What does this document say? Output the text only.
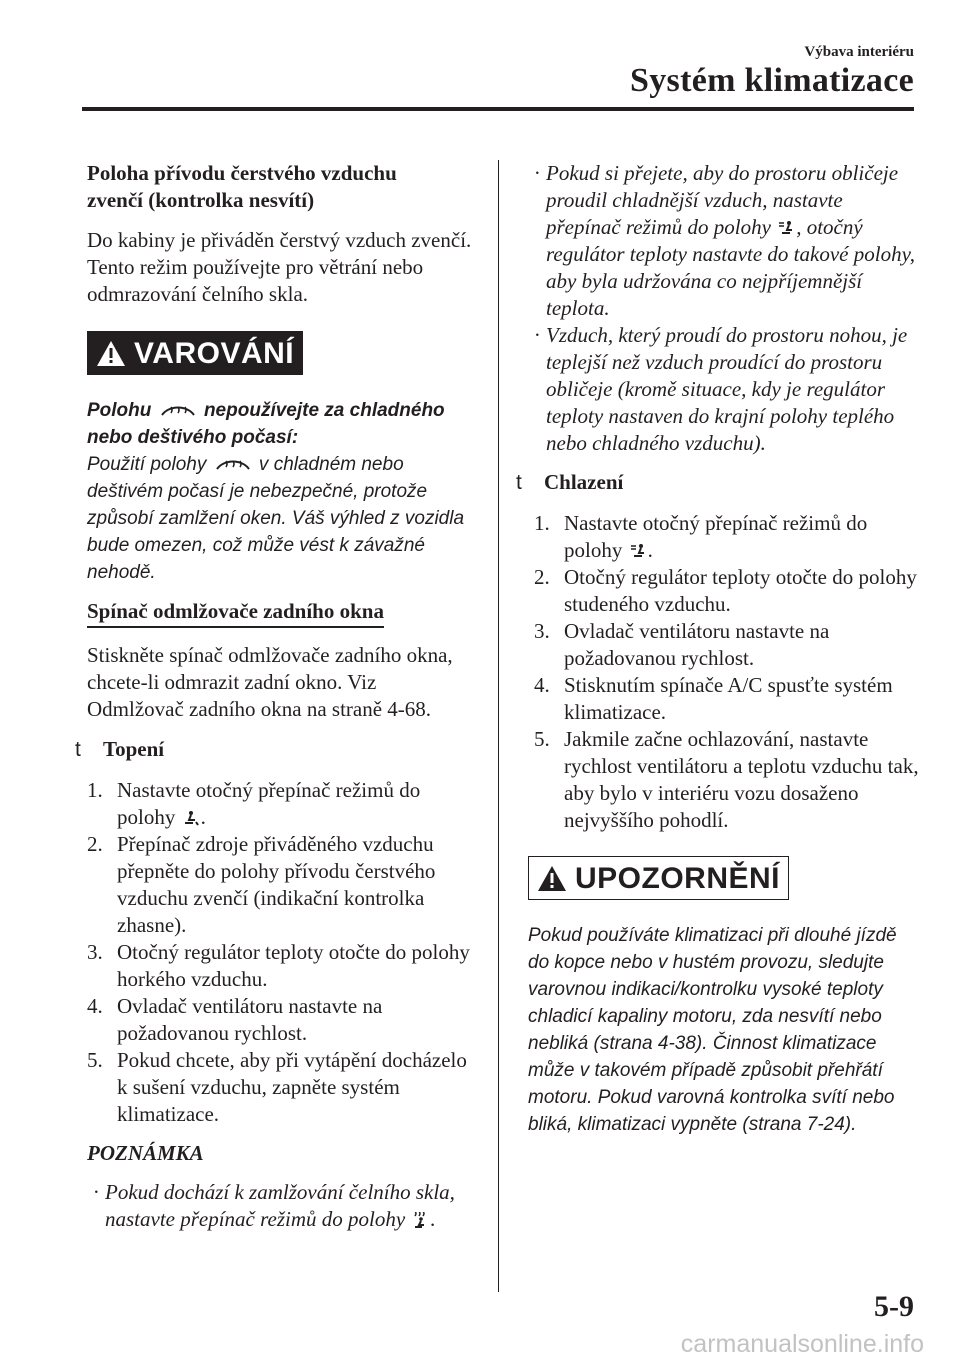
Výbava interiéru
Systém klimatizace

Poloha přívodu čerstvého vzduchu
zvenčí (kontrolka nesvítí)

Do kabiny je přiváděn čerstvý vzduch zvenčí. Tento režim používejte pro větrání nebo odmrazování čelního skla.

VAROVÁNÍ

Polohu	nepoužívejte za chladného nebo deštivého počasí:

Použití polohy	v chladném nebo deštivém počasí je nebezpečné, protože způsobí zamlžení oken. Váš výhled z vozidla bude omezen, což může vést k závažné nehodě.

Spínač odmlžovače zadního okna

Stiskněte spínač odmlžovače zadního okna, chcete-li odmrazit zadní okno. Viz Odmlžovač zadního okna na straně 4-68.

t	Topení
1. Nastavte otočný přepínač režimů do polohy .
2. Přepínač zdroje přiváděného vzduchu přepněte do polohy přívodu čerstvého vzduchu zvenčí (indikační kontrolka zhasne).
3. Otočný regulátor teploty otočte do polohy horkého vzduchu.
4. Ovladač ventilátoru nastavte na požadovanou rychlost.
5. Pokud chcete, aby při vytápění docházelo k sušení vzduchu, zapněte systém klimatizace.

POZNÁMKA

· Pokud dochází k zamlžování čelního skla, nastavte přepínač režimů do polohy .
· Pokud si přejete, aby do prostoru obličeje proudil chladnější vzduch, nastavte přepínač režimů do polohy , otočný regulátor teploty nastavte do takové polohy, aby byla udržována co nejpříjemnější teplota.
· Vzduch, který proudí do prostoru nohou, je teplejší než vzduch proudící do prostoru obličeje (kromě situace, kdy je regulátor teploty nastaven do krajní polohy teplého nebo chladného vzduchu).
t	Chlazení
1. Nastavte otočný přepínač režimů do polohy .
2. Otočný regulátor teploty otočte do polohy studeného vzduchu.
3. Ovladač ventilátoru nastavte na požadovanou rychlost.
4. Stisknutím spínače A/C spusťte systém klimatizace.
5. Jakmile začne ochlazování, nastavte rychlost ventilátoru a teplotu vzduchu tak, aby bylo v interiéru vozu dosaženo nejvyššího pohodlí.
UPOZORNĚNÍ

Pokud používáte klimatizaci při dlouhé jízdě do kopce nebo v hustém provozu, sledujte varovnou indikaci/kontrolku vysoké teploty chladicí kapaliny motoru, zda nesvítí nebo nebliká (strana 4-38). Činnost klimatizace může v takovém případě způsobit přehřátí motoru. Pokud varovná kontrolka svítí nebo bliká, klimatizaci vypněte (strana 7-24).

5-9
carmanualsonline.info
